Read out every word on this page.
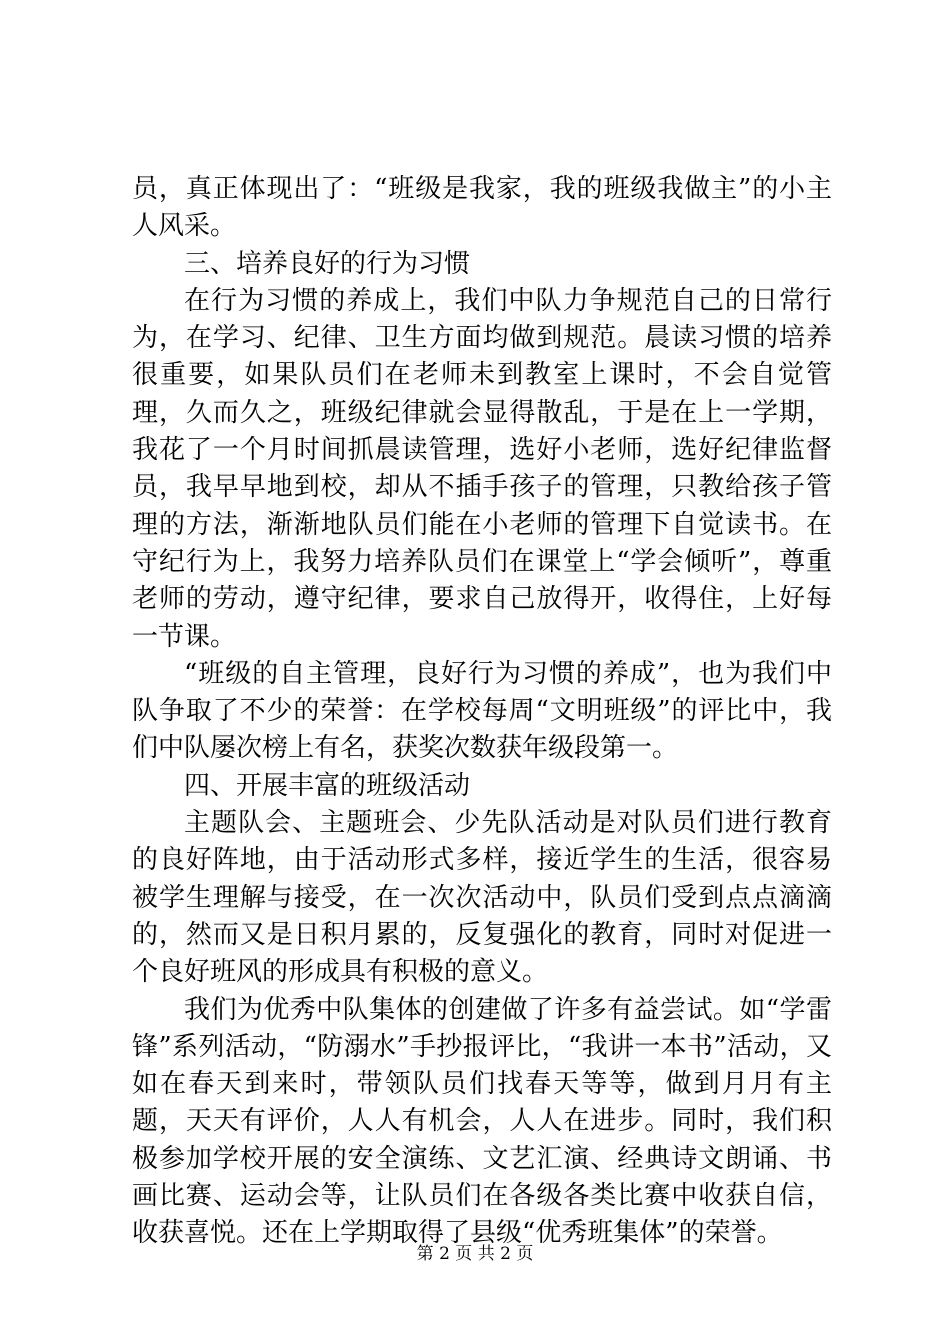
员，真正体现出了：“班级是我家，我的班级我做主”的小主人风采。

三、培养良好的行为习惯

在行为习惯的养成上，我们中队力争规范自己的日常行为，在学习、纪律、卫生方面均做到规范。晨读习惯的培养很重要，如果队员们在老师未到教室上课时，不会自觉管理，久而久之，班级纪律就会显得散乱，于是在上一学期，我花了一个月时间抓晨读管理，选好小老师，选好纪律监督员，我早早地到校，却从不插手孩子的管理，只教给孩子管理的方法，渐渐地队员们能在小老师的管理下自觉读书。在守纪行为上，我努力培养队员们在课堂上“学会倾听”，尊重老师的劳动，遵守纪律，要求自己放得开，收得住，上好每一节课。

“班级的自主管理，良好行为习惯的养成”，也为我们中队争取了不少的荣誉：在学校每周“文明班级”的评比中，我们中队屡次榜上有名，获奖次数获年级段第一。

四、开展丰富的班级活动

主题队会、主题班会、少先队活动是对队员们进行教育的良好阵地，由于活动形式多样，接近学生的生活，很容易被学生理解与接受，在一次次活动中，队员们受到点点滴滴的，然而又是日积月累的，反复强化的教育，同时对促进一个良好班风的形成具有积极的意义。

我们为优秀中队集体的创建做了许多有益尝试。如“学雷锋”系列活动，“防溺水”手抄报评比，“我讲一本书”活动，又如在春天到来时，带领队员们找春天等等，做到月月有主题，天天有评价，人人有机会，人人在进步。同时，我们积极参加学校开展的安全演练、文艺汇演、经典诗文朗诵、书画比赛、运动会等，让队员们在各级各类比赛中收获自信，收获喜悦。还在上学期取得了县级“优秀班集体”的荣誉。

第 2 页 共 2 页
